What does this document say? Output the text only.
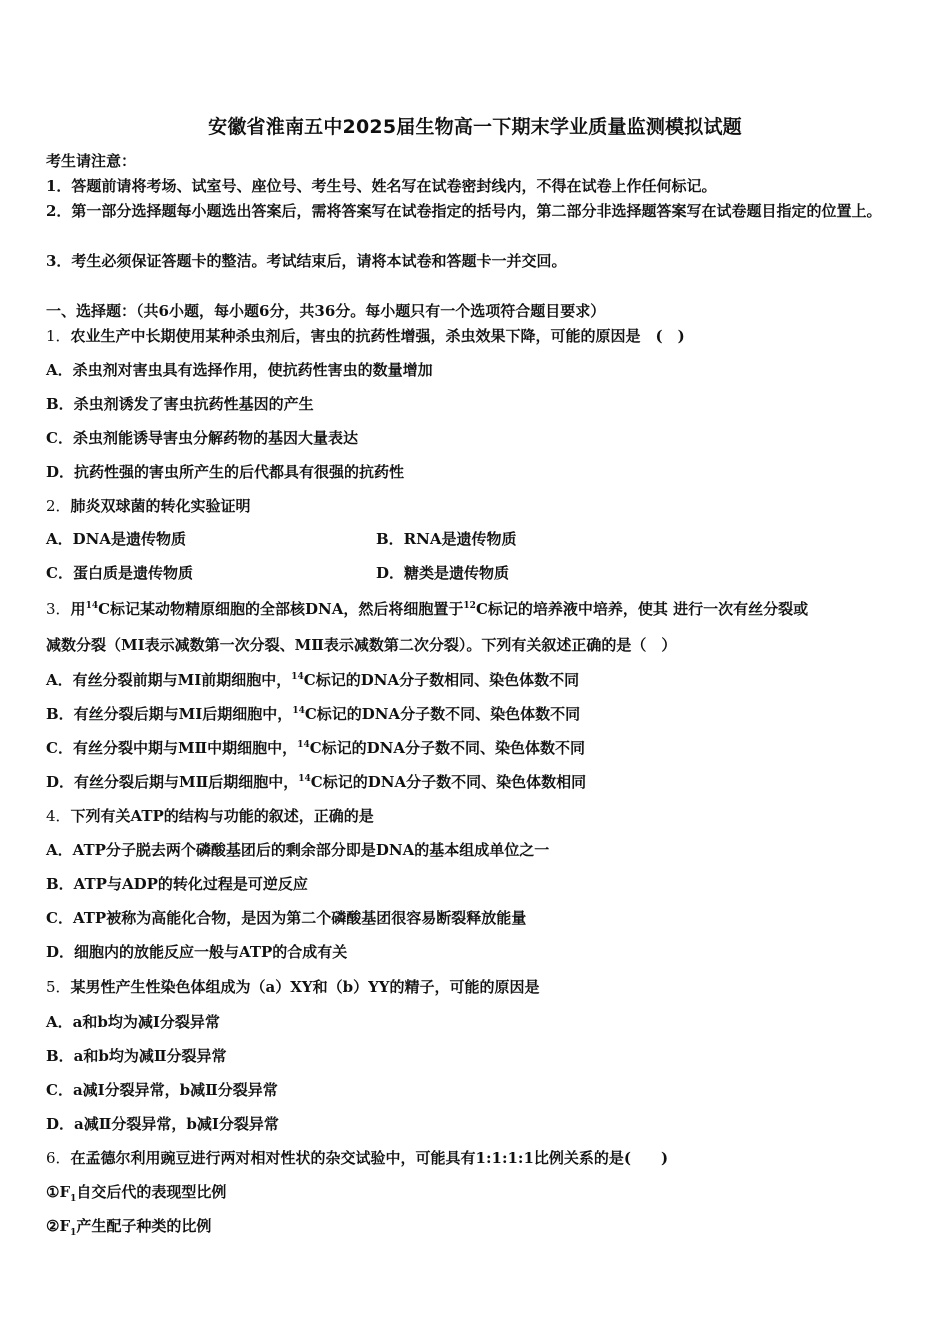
安徽省淮南五中2025届生物高一下期末学业质量监测模拟试题
考生请注意：
1．答题前请将考场、试室号、座位号、考生号、姓名写在试卷密封线内，不得在试卷上作任何标记。
2．第一部分选择题每小题选出答案后，需将答案写在试卷指定的括号内，第二部分非选择题答案写在试卷题目指定的位置上。
3．考生必须保证答题卡的整洁。考试结束后，请将本试卷和答题卡一并交回。
一、选择题：（共6小题，每小题6分，共36分。每小题只有一个选项符合题目要求）
1．农业生产中长期使用某种杀虫剂后，害虫的抗药性增强，杀虫效果下降，可能的原因是　(　)
A．杀虫剂对害虫具有选择作用，使抗药性害虫的数量增加
B．杀虫剂诱发了害虫抗药性基因的产生
C．杀虫剂能诱导害虫分解药物的基因大量表达
D．抗药性强的害虫所产生的后代都具有很强的抗药性
2．肺炎双球菌的转化实验证明
A．DNA是遗传物质	B．RNA是遗传物质
C．蛋白质是遗传物质	D．糖类是遗传物质
3．用$^{14}$C标记某动物精原细胞的全部核DNA，然后将细胞置于$^{12}$C标记的培养液中培养，使其 进行一次有丝分裂或
减数分裂（MⅠ表示减数第一次分裂、MⅡ表示减数第二次分裂）。下列有关叙述正确的是（　）
A．有丝分裂前期与MⅠ前期细胞中，$^{14}$C标记的DNA分子数相同、染色体数不同
B．有丝分裂后期与MⅠ后期细胞中，$^{14}$C标记的DNA分子数不同、染色体数不同
C．有丝分裂中期与MⅡ中期细胞中，$^{14}$C标记的DNA分子数不同、染色体数不同
D．有丝分裂后期与MⅡ后期细胞中，$^{14}$C标记的DNA分子数不同、染色体数相同
4．下列有关ATP的结构与功能的叙述，正确的是
A．ATP分子脱去两个磷酸基团后的剩余部分即是DNA的基本组成单位之一
B．ATP与ADP的转化过程是可逆反应
C．ATP被称为高能化合物，是因为第二个磷酸基团很容易断裂释放能量
D．细胞内的放能反应一般与ATP的合成有关
5．某男性产生性染色体组成为（a）XY和（b）YY的精子，可能的原因是
A．a和b均为减Ⅰ分裂异常
B．a和b均为减Ⅱ分裂异常
C．a减Ⅰ分裂异常，b减Ⅱ分裂异常
D．a减Ⅱ分裂异常，b减Ⅰ分裂异常
6．在孟德尔利用豌豆进行两对相对性状的杂交试验中，可能具有1:1:1:1比例关系的是(　　)
$①F_1$自交后代的表现型比例
$②F_1$产生配子种类的比例
